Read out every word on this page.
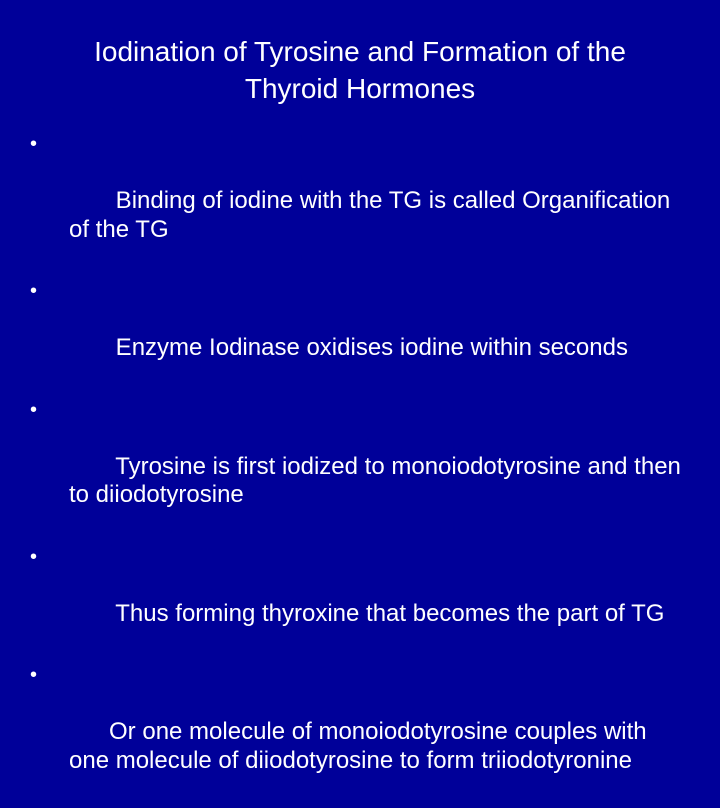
Iodination of Tyrosine and Formation of the
Thyroid Hormones

•

Binding of iodine with the TG is called Organification of the TG

•

Enzyme Iodinase oxidises iodine within seconds

•

Tyrosine is first iodized to monoiodotyrosine and then to diiodotyrosine

•

Thus forming thyroxine that becomes the part of TG

•

Or one molecule of monoiodotyrosine couples with one molecule of diiodotyrosine to form triiodotyronine
